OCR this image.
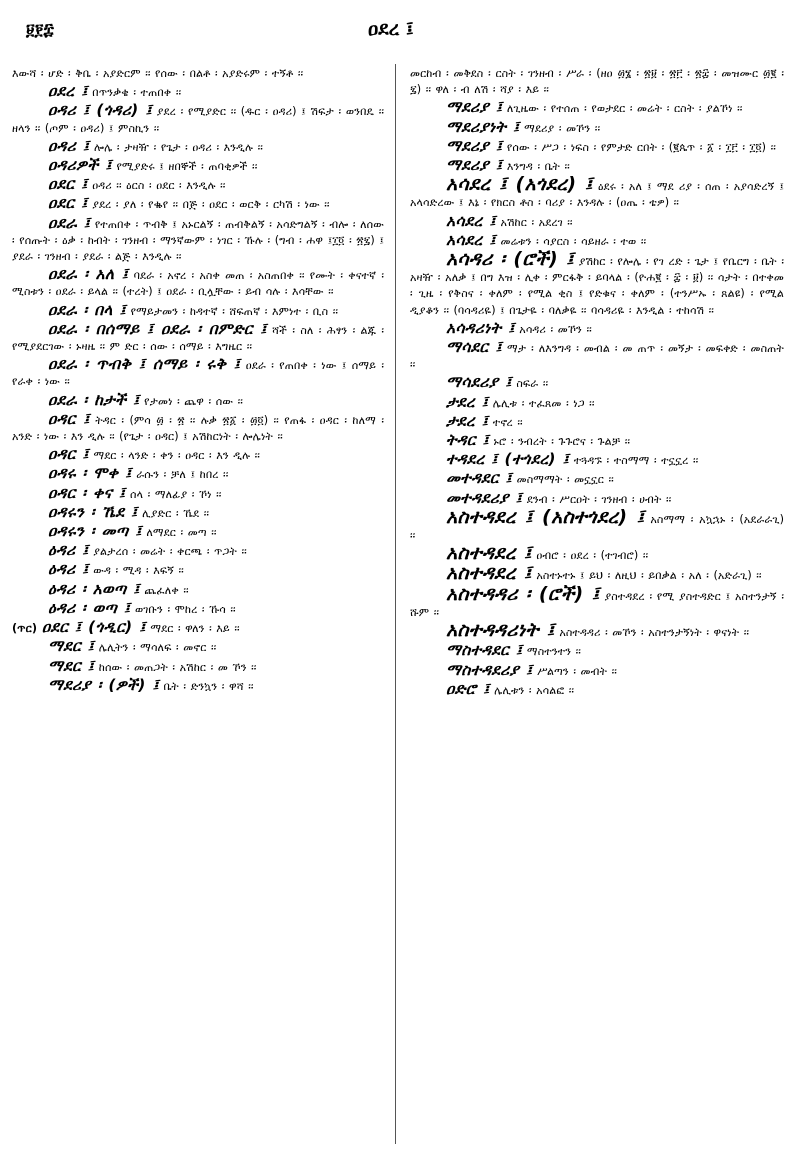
፱፻፰	ዐደረ ፤

እውሻ ፡ ሆድ ፡ ቅቤ ፡ አያድርም ፡፡ የሰው ፡ በልቶ ፡ አያድሩም ፡ ተኝቶ ፡፡

ዐደረ ፤ በጥንቃቄ ፡ ተጠበቀ ፡፡

ዐዳሪ ፤ (ጎዳሪ) ፤ ያደረ ፡ የሚያድር ፡፡ (ዱር ፡ ዐዳሪ) ፤ ሽፍታ ፡ ወንበዴ ፡፡ ዘላን ፡፡ (ጦም ፡ ዐዳሪ) ፤ ምስኪን ፡፡

ዐዳሪ ፤ ሎሌ ፡ ታዛዥ ፡ የጌታ ፡ ዐዳሪ ፡ እንዲሉ ፡፡

ዐዳሪዎች ፤ የሚያድሩ ፤ ዘበኞች ፡ ጠባቂዎች ፡፡

ዐደር ፤ ዐዳሪ ፡፡ ዕርስ ፡ ዐደር ፡ እንዲሉ ፡፡

ዐደር ፤ ያደረ ፡ ያለ ፡ የቈየ ፡፡ በጅ ፡ ዐደር ፡ ወርቅ ፡ ርካሽ ፡ ነው ፡፡

ዐደራ ፤ የተጠበቀ ፡ ጥብቅ ፤ አኑርልኝ ፡ ጠብቅልኝ ፡ አሳድግልኝ ፡ ብሎ ፡ ለሰው ፡ የሰጡት ፡ ዕቃ ፡ ከብት ፡ ገንዘብ ፡ ማንኛውም ፡ ነገር ፡ ኹሉ ፡ (ግብ ፡ ሐዋ ፤፲፬ ፡ ፳፯) ፤ ያደራ ፡ ገንዘብ ፡ ያደራ ፡ ልጅ ፡ እንዲሉ ፡፡

ዐደራ ፡ አለ ፤ ባደራ ፡ አኖረ ፡ አስቀ መጠ ፡ አስጠበቀ ፡፡ የሙት ፡ ቀናተኛ ፡ ሚስቱን ፡ ዐደራ ፡ ይላል ፡፡ (ተረት) ፤ ዐደራ ፡ ቢሏቸው ፡ ይብ ሳሉ ፡ እሳቸው ፡፡

ዐደራ ፡ በላ ፤ የማይታመን ፡ ከዳተኛ ፡ ሸፍጠኛ ፡ እምነተ ፡ ቢስ ፡፡

ዐደራ ፡ በሰማይ ፤ ዐደራ ፡ በምድር ፤ ሻች ፡ ስለ ፡ ሕፃን ፡ ልጁ ፡ የሚያደርገው ፡ ኑዛዜ ፡፡ ም ድር ፡ ሰው ፡ ሰማይ ፡ እግዜር ፡፡

ዐደራ ፡ ጥብቅ ፤ ሰማይ ፡ ሩቅ ፤ ዐደራ ፡ የጠበቀ ፡ ነው ፤ ሰማይ ፡ የራቀ ፡ ነው ፡፡

ዐደራ ፡ ከታች ፤ የታመነ ፡ ጨዋ ፡ ሰው ፡፡

ዐዳር ፤ ትዳር ፡ (ምሳ ፴ ፡ ፳ ፡፡ ሉቃ ፳፩ ፡ ፴፬) ፡፡ የጠፋ ፡ ዐዳር ፡ ከለማ ፡ አንድ ፡ ነው ፡ እን ዲሉ ፡፡ (የጌታ ፡ ዐዳር) ፤ አሽከርነት ፡ ሎሌነት ፡፡

ዐዳር ፤ ማደር ፡ ላንድ ፡ ቀን ፡ ዐዳር ፡ እን ዲሉ ፡፡

ዐዳሩ ፡ ሞቀ ፤ ራሱን ፡ ቻለ ፤ ከበረ ፡፡

ዐዳር ፡ ቀና ፤ ሰላ ፡ ማለፊያ ፡ ኾነ ፡፡

ዐዳሩን ፡ ኼደ ፤ ሊያድር ፡ ኼደ ፡፡

ዐዳሩን ፡ መጣ ፤ ለማደር ፡ መጣ ፡፡

ዕዳሪ ፤ ያልታረሰ ፡ መሬት ፡ ቀርጫ ፡ ጥጋት ፡፡

ዕዳሪ ፤ ውዳ ፡ ሚዳ ፡ እፍኝ ፡፡

ዕዳሪ ፡ አወጣ ፤ ጨፈለቀ ፡፡

ዕዳሪ ፡ ወጣ ፤ ወገቡን ፡ ሞከረ ፡ ኹሳ ፡፡

(ጥር) ዐደር ፤ (ጎዲር) ፤ ማደር ፡ ዋለን ፡ እይ ፡፡

ማደር ፤ ሌሊትን ፡ ማሳለፍ ፡ መኖር ፡፡

ማደር ፤ ከሰው ፡ መጠጋት ፡ አሽከር ፡ መ ኾን ፡፡

ማደሪያ ፡ (ዎች) ፤ ቤት ፡ ድንኳን ፡ ዋሻ ፡፡

መርከብ ፡ መቅደስ ፡ ርስት ፡ ገንዘብ ፡ ሥራ ፡ (ዘዐ ፴፮ ፡ ፳፱ ፡ ፳፫ ፡ ፳፰ ፡ መዝሙር ፴፪ ፡ ፯) ፡፡ ዋለ ፡ ብ ለሽ ፡ ሻያ ፡ እይ ፡፡

ማደሪያ ፤ ለጊዜው ፡ የተሰጠ ፡ የወታደር ፡ መሬት ፡ ርስት ፡ ያልኾነ ፡፡

ማደሪያነት ፤ ማደሪያ ፡ መኾን ፡፡

ማደሪያ ፤ የሰው ፡ ሥጋ ፡ ነፍስ ፡ የምታድ ርበት ፡ (፪ጴጥ ፡ ፩ ፡ ፲፫ ፡ ፲፬) ፡፡

ማደሪያ ፤ እንግዳ ፡ ቤት ፡፡

አሳደረ ፤ (አጎደረ) ፤ ዕደሩ ፡ አለ ፤ ማደ ሪያ ፡ ሰጠ ፡ አያሳድረኝ ፤ አላሳድረው ፤ እኔ ፡ የክርስ ቶስ ፡ ባሪያ ፡ እንዳሉ ፡ (ዐጤ ፡ ቴዎ) ፡፡

አሳደረ ፤ አሽከር ፡ አደረገ ፡፡

አሳደረ ፤ መሬቱን ፡ ሳያርስ ፡ ሳይዘራ ፡ ተወ ፡፡

አሳዳሪ ፡ (ሮች) ፤ ያሽከር ፡ የሎሌ ፡ የገ ረድ ፡ ጌታ ፤ የቤርግ ፡ ቤት ፡ አዛዥ ፡ አለቃ ፤ በግ እዝ ፡ ሊቀ ፡ ምርፋቅ ፡ ይባላል ፡ (ዮሐ፪ ፡ ፰ ፡ ፱) ፡፡ ሳታት ፡ በተቀመ ፡ ጊዜ ፡ የቅስና ፡ ቀለም ፡ የሚል ቂስ ፤ የድቁና ፡ ቀለም ፡ (ተንሥኡ ፡ ጸልዩ) ፡ የሚል ዲያቆን ፡፡ (ባሳዳሪዬ) ፤ በጌታዬ ፡ ባለቃዬ ፡፡ ባሳዳሪዬ ፡ እንዲል ፡ ተከሳሽ ፡፡

አሳዳሪነት ፤ አሳዳሪ ፡ መኾን ፡፡

ማሳደር ፤ ማታ ፡ ለእንግዳ ፡ መብል ፡ መ ጠጥ ፡ መኝታ ፡ መፍቀድ ፡ መስጠት ፡፡

ማሳደሪያ ፤ ስፍራ ፡፡

ታደረ ፤ ሌሊቱ ፡ ተፈጸመ ፡ ነጋ ፡፡

ታደረ ፤ ተኖረ ፡፡

ትዳር ፤ ኑሮ ፡ ንብረት ፡ ጉጉሮና ፡ ጉልቻ ፡፡

ተዳደረ ፤ (ተጎደረ) ፤ ተጓዳኙ ፡ ተስማማ ፡ ተኗኗረ ፡፡

መተዳደር ፤ መስማማት ፡ መኗኗር ፡፡

መተዳደሪያ ፤ ደንብ ፡ ሥርዐት ፡ ገንዘብ ፡ ሀብት ፡፡

አስተዳደረ ፤ (አስተጎደረ) ፤ አስማማ ፡ አኳኋኑ ፡ (አደራራጊ) ፡፡

አስተዳደረ ፤ ዐብሮ ፡ ዐደረ ፡ (ተገብሮ) ፡፡

አስተዳደረ ፤ አስተኑተኑ ፤ ይህ ፡ ለዚህ ፡ ይበቃል ፡ አለ ፡ (አድራጊ) ፡፡

አስተዳዳሪ ፡ (ሮች) ፤ ያስተዳደረ ፡ የሚ ያስተዳድር ፤ አስተንታኝ ፡ ሹም ፡፡

አስተዳዳሪነት ፤ አስተዳዳሪ ፡ መኾን ፡ አስተንታኝነት ፡ ዋናነት ፡፡

ማስተዳደር ፤ ማስተንተን ፡፡

ማስተዳደሪያ ፤ ሥልጣን ፡ መብት ፡፡

ዐድሮ ፤ ሌሊቱን ፡ አሳልፎ ፡፡
